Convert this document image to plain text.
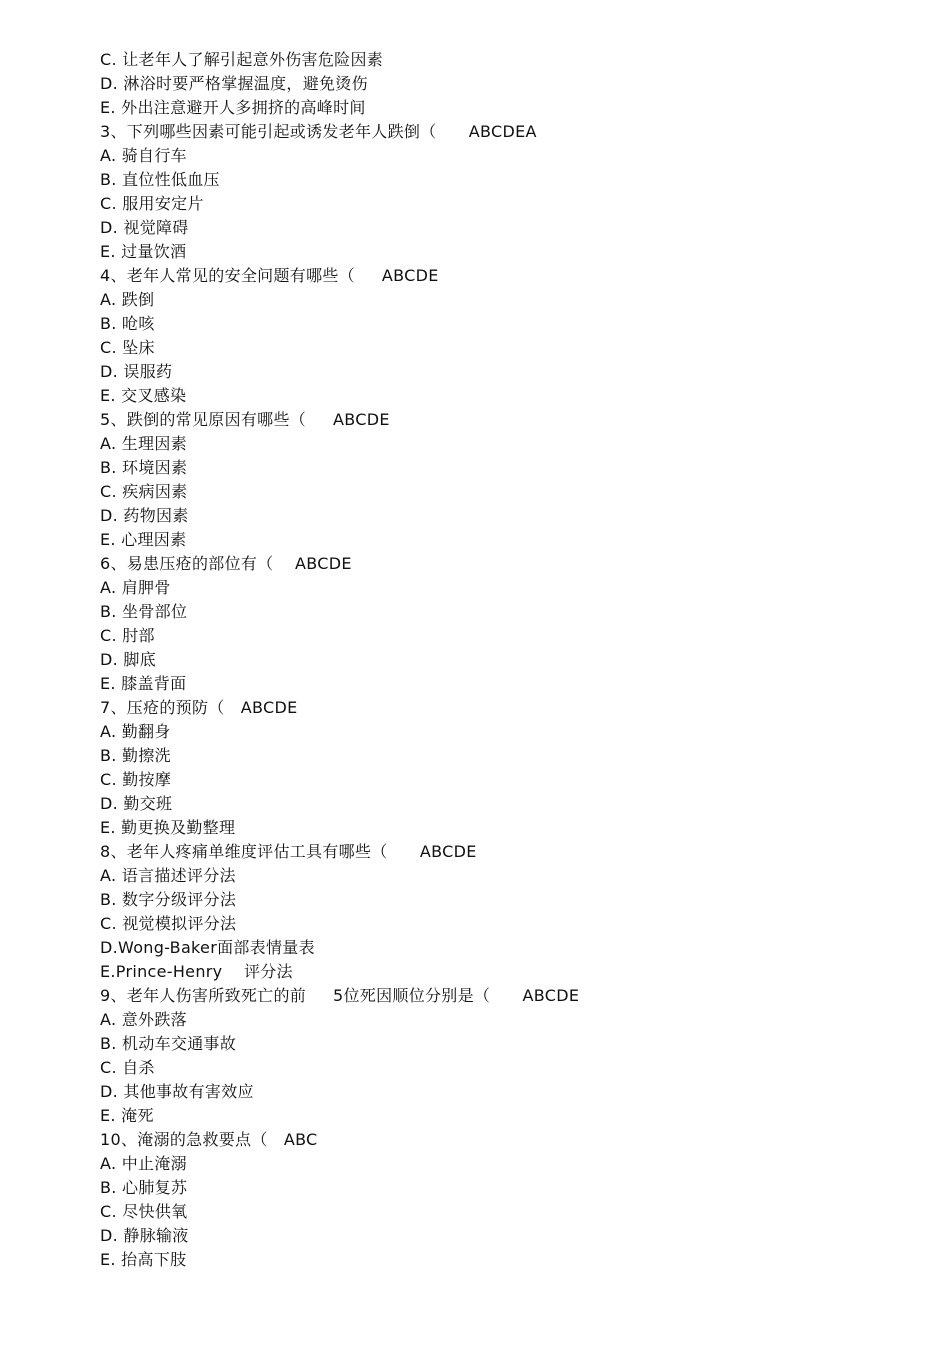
C. 让老年人了解引起意外伤害危险因素
D. 淋浴时要严格掌握温度，避免烫伤
E. 外出注意避开人多拥挤的高峰时间
3、下列哪些因素可能引起或诱发老年人跌倒（      ABCDEA
A. 骑自行车
B. 直位性低血压
C. 服用安定片
D. 视觉障碍
E. 过量饮酒
4、老年人常见的安全问题有哪些（     ABCDE
A. 跌倒
B. 呛咳
C. 坠床
D. 误服药
E. 交叉感染
5、跌倒的常见原因有哪些（     ABCDE
A. 生理因素
B. 环境因素
C. 疾病因素
D. 药物因素
E. 心理因素
6、易患压疮的部位有（    ABCDE
A. 肩胛骨
B. 坐骨部位
C. 肘部
D. 脚底
E. 膝盖背面
7、压疮的预防（   ABCDE
A. 勤翻身
B. 勤擦洗
C. 勤按摩
D. 勤交班
E. 勤更换及勤整理
8、老年人疼痛单维度评估工具有哪些（      ABCDE
A. 语言描述评分法
B. 数字分级评分法
C. 视觉模拟评分法
D.Wong-Baker面部表情量表
E.Prince-Henry    评分法
9、老年人伤害所致死亡的前     5位死因顺位分别是（      ABCDE
A. 意外跌落
B. 机动车交通事故
C. 自杀
D. 其他事故有害效应
E. 淹死
10、淹溺的急救要点（   ABC
A. 中止淹溺
B. 心肺复苏
C. 尽快供氧
D. 静脉输液
E. 抬高下肢
